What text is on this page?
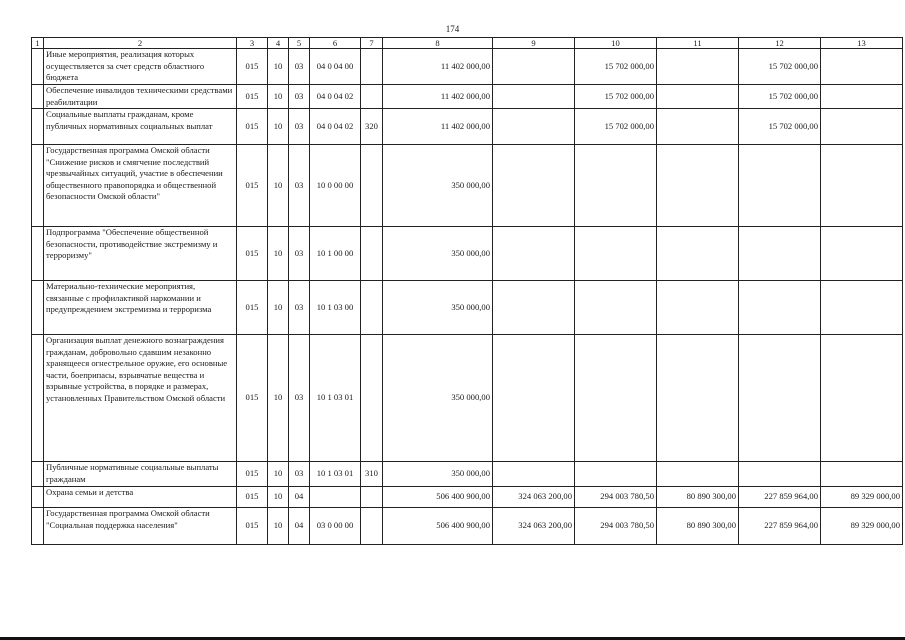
174
1	2	3	4	5	6	7	8	9	10	11	12	13
	Иные мероприятия, реализация которых осуществляется за счет средств областного бюджета	015	10	03	04 0 04 00		11 402 000,00		15 702 000,00		15 702 000,00	
	Обеспечение инвалидов техническими средствами реабилитации	015	10	03	04 0 04 02		11 402 000,00		15 702 000,00		15 702 000,00	
	Социальные выплаты гражданам, кроме публичных нормативных социальных выплат	015	10	03	04 0 04 02	320	11 402 000,00		15 702 000,00		15 702 000,00	
	Государственная программа Омской области "Снижение рисков и смягчение последствий чрезвычайных ситуаций, участие в обеспечении общественного правопорядка и общественной безопасности Омской области"	015	10	03	10 0 00 00		350 000,00					
	Подпрограмма "Обеспечение общественной безопасности, противодействие экстремизму и терроризму"	015	10	03	10 1 00 00		350 000,00					
	Материально-технические мероприятия, связанные с профилактикой наркомании и предупреждением экстремизма и терроризма	015	10	03	10 1 03 00		350 000,00					
	Организация выплат денежного вознаграждения гражданам, добровольно сдавшим незаконно хранящееся огнестрельное оружие, его основные части, боеприпасы, взрывчатые вещества и взрывные устройства, в порядке и размерах, установленных Правительством Омской области	015	10	03	10 1 03 01		350 000,00					
	Публичные нормативные социальные выплаты гражданам	015	10	03	10 1 03 01	310	350 000,00					
	Охрана семьи и детства	015	10	04			506 400 900,00	324 063 200,00	294 003 780,50	80 890 300,00	227 859 964,00	89 329 000,00
	Государственная программа Омской области "Социальная поддержка населения"	015	10	04	03 0 00 00		506 400 900,00	324 063 200,00	294 003 780,50	80 890 300,00	227 859 964,00	89 329 000,00
